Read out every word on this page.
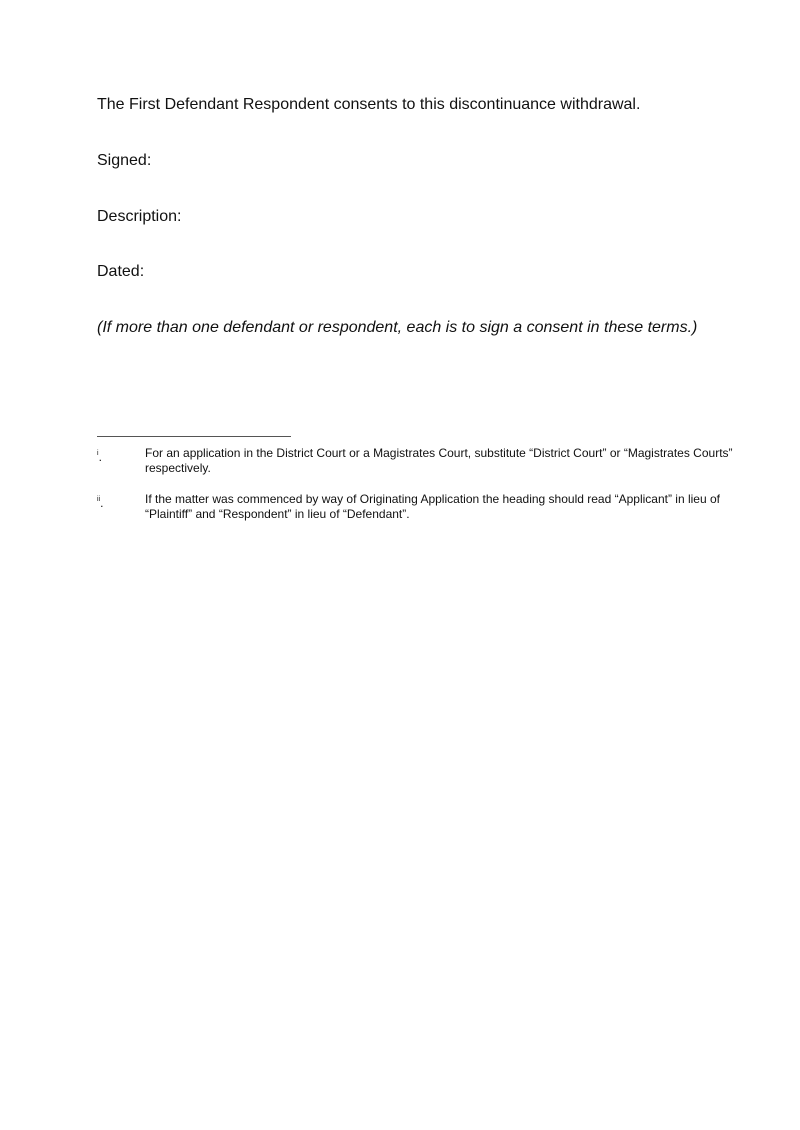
The First Defendant Respondent consents to this discontinuance withdrawal.
Signed:
Description:
Dated:
(If more than one defendant or respondent, each is to sign a consent in these terms.)
$^i$.	For an application in the District Court or a Magistrates Court, substitute “District Court” or “Magistrates Courts” respectively.
$^{ii}$.	If the matter was commenced by way of Originating Application the heading should read “Applicant” in lieu of “Plaintiff” and “Respondent” in lieu of “Defendant”.
